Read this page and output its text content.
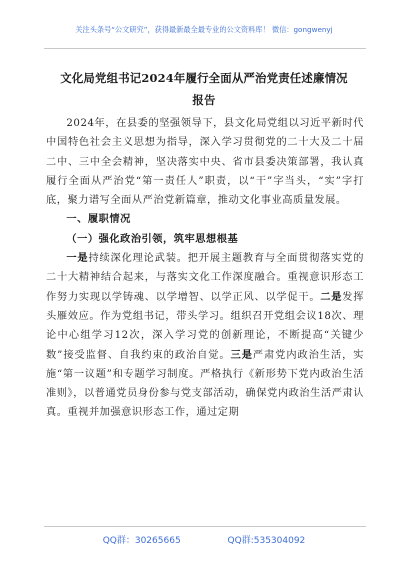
关注头条号“公文研究”，获得最新最全最专业的公文资料库！ 微信：gongwenyj
文化局党组书记2024年履行全面从严治党责任述廉情况报告

2024年，在县委的坚强领导下，县文化局党组以习近平新时代中国特色社会主义思想为指导，深入学习贯彻党的二十大及二十届二中、三中全会精神，坚决落实中央、省市县委决策部署，我认真履行全面从严治党“第一责任人”职责，以“干”字当头，“实”字打底，聚力谱写全面从严治党新篇章，推动文化事业高质量发展。

一、履职情况

（一）强化政治引领，筑牢思想根基

一是持续深化理论武装。把开展主题教育与全面贯彻落实党的二十大精神结合起来，与落实文化工作深度融合。重视意识形态工作努力实现以学铸魂、以学增智、以学正风、以学促干。二是发挥头雁效应。作为党组书记，带头学习。组织召开党组会议18次、理论中心组学习12次，深入学习党的创新理论，不断提高“关键少数”接受监督、自我约束的政治自觉。三是严肃党内政治生活，实施“第一议题”和专题学习制度。严格执行《新形势下党内政治生活准则》，以普通党员身份参与党支部活动，确保党内政治生活严肃认真。重视并加强意识形态工作，通过定期

QQ群：30265665	QQ群:535304092
